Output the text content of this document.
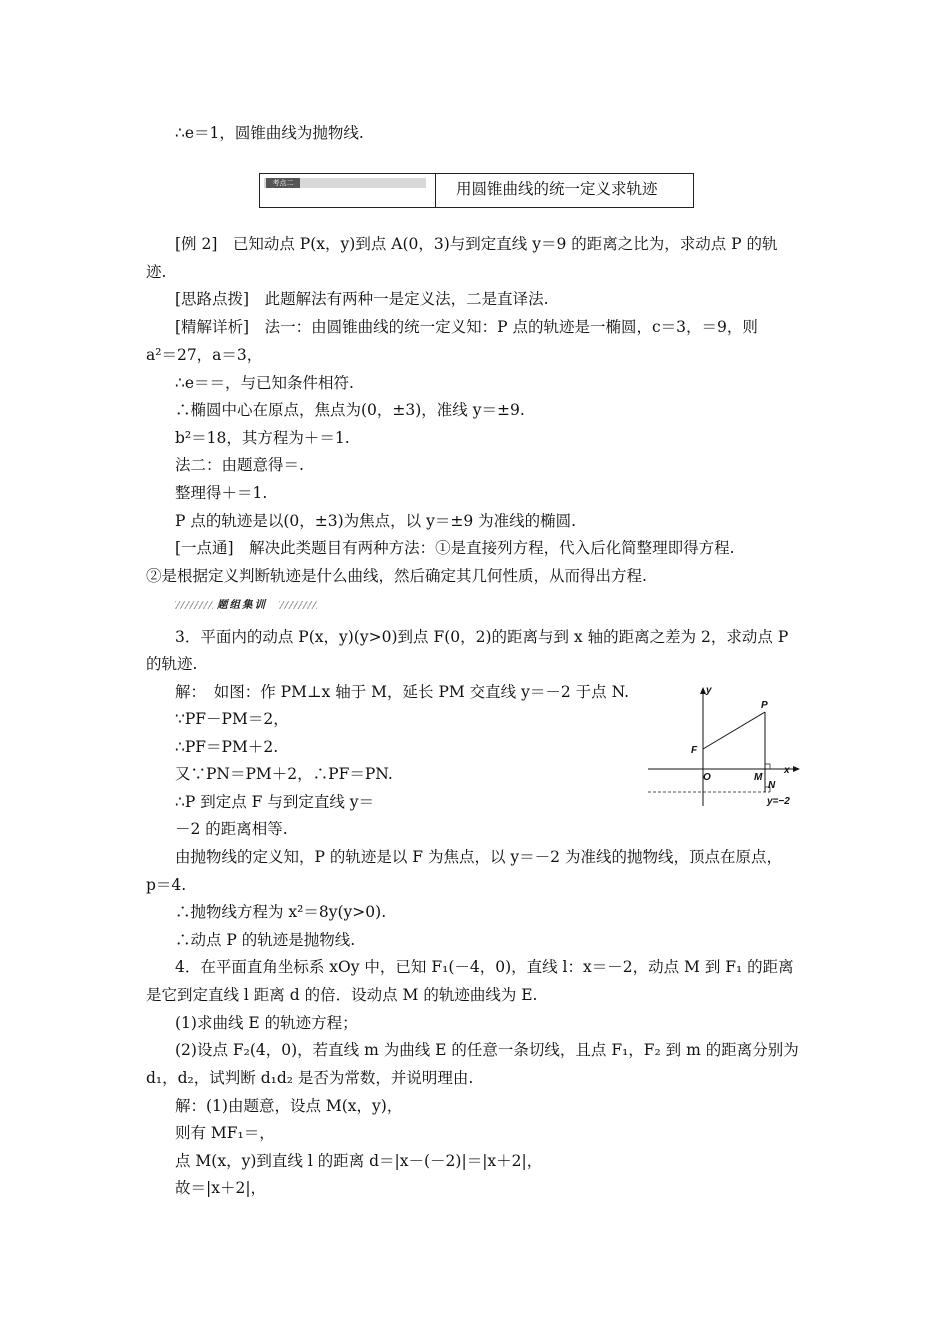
∴e＝1，圆锥曲线为抛物线.
考点二	用圆锥曲线的统一定义求轨迹
[例 2]　已知动点 P(x，y)到点 A(0，3)与到定直线 y＝9 的距离之比为，求动点 P 的轨
迹.
[思路点拨]　此题解法有两种一是定义法，二是直译法.
[精解详析]　法一：由圆锥曲线的统一定义知：P 点的轨迹是一椭圆，c＝3，＝9，则
a²＝27，a＝3，
∴e＝＝，与已知条件相符.
∴椭圆中心在原点，焦点为(0，±3)，准线 y＝±9.
b²＝18，其方程为＋＝1.
法二：由题意得＝.
整理得＋＝1.
P 点的轨迹是以(0，±3)为焦点，以 y＝±9 为准线的椭圆.
[一点通]　解决此类题目有两种方法：①是直接列方程，代入后化简整理即得方程.
②是根据定义判断轨迹是什么曲线，然后确定其几何性质，从而得出方程.
题组集训
3．平面内的动点 P(x，y)(y>0)到点 F(0，2)的距离与到 x 轴的距离之差为 2，求动点 P
的轨迹.
解：　如图：作 PM⊥x 轴于 M，延长 PM 交直线 y＝－2 于点 N.
∵PF－PM＝2，
∴PF＝PM＋2.
又∵PN＝PM＋2，∴PF＝PN.
∴P 到定点 F 与到定直线 y＝
－2 的距离相等.
由抛物线的定义知，P 的轨迹是以 F 为焦点，以 y＝－2 为准线的抛物线，顶点在原点，
p＝4.
∴抛物线方程为 x²＝8y(y>0).
∴动点 P 的轨迹是抛物线.
4．在平面直角坐标系 xOy 中，已知 F₁(－4，0)，直线 l：x＝－2，动点 M 到 F₁ 的距离
是它到定直线 l 距离 d 的倍．设动点 M 的轨迹曲线为 E.
(1)求曲线 E 的轨迹方程；
(2)设点 F₂(4，0)，若直线 m 为曲线 E 的任意一条切线，且点 F₁，F₂ 到 m 的距离分别为
d₁，d₂，试判断 d₁d₂ 是否为常数，并说明理由.
解：(1)由题意，设点 M(x，y)，
则有 MF₁＝，
点 M(x，y)到直线 l 的距离 d＝|x－(－2)|＝|x＋2|，
故＝|x＋2|，
y
x
P
F
O	M
N
y=−2
